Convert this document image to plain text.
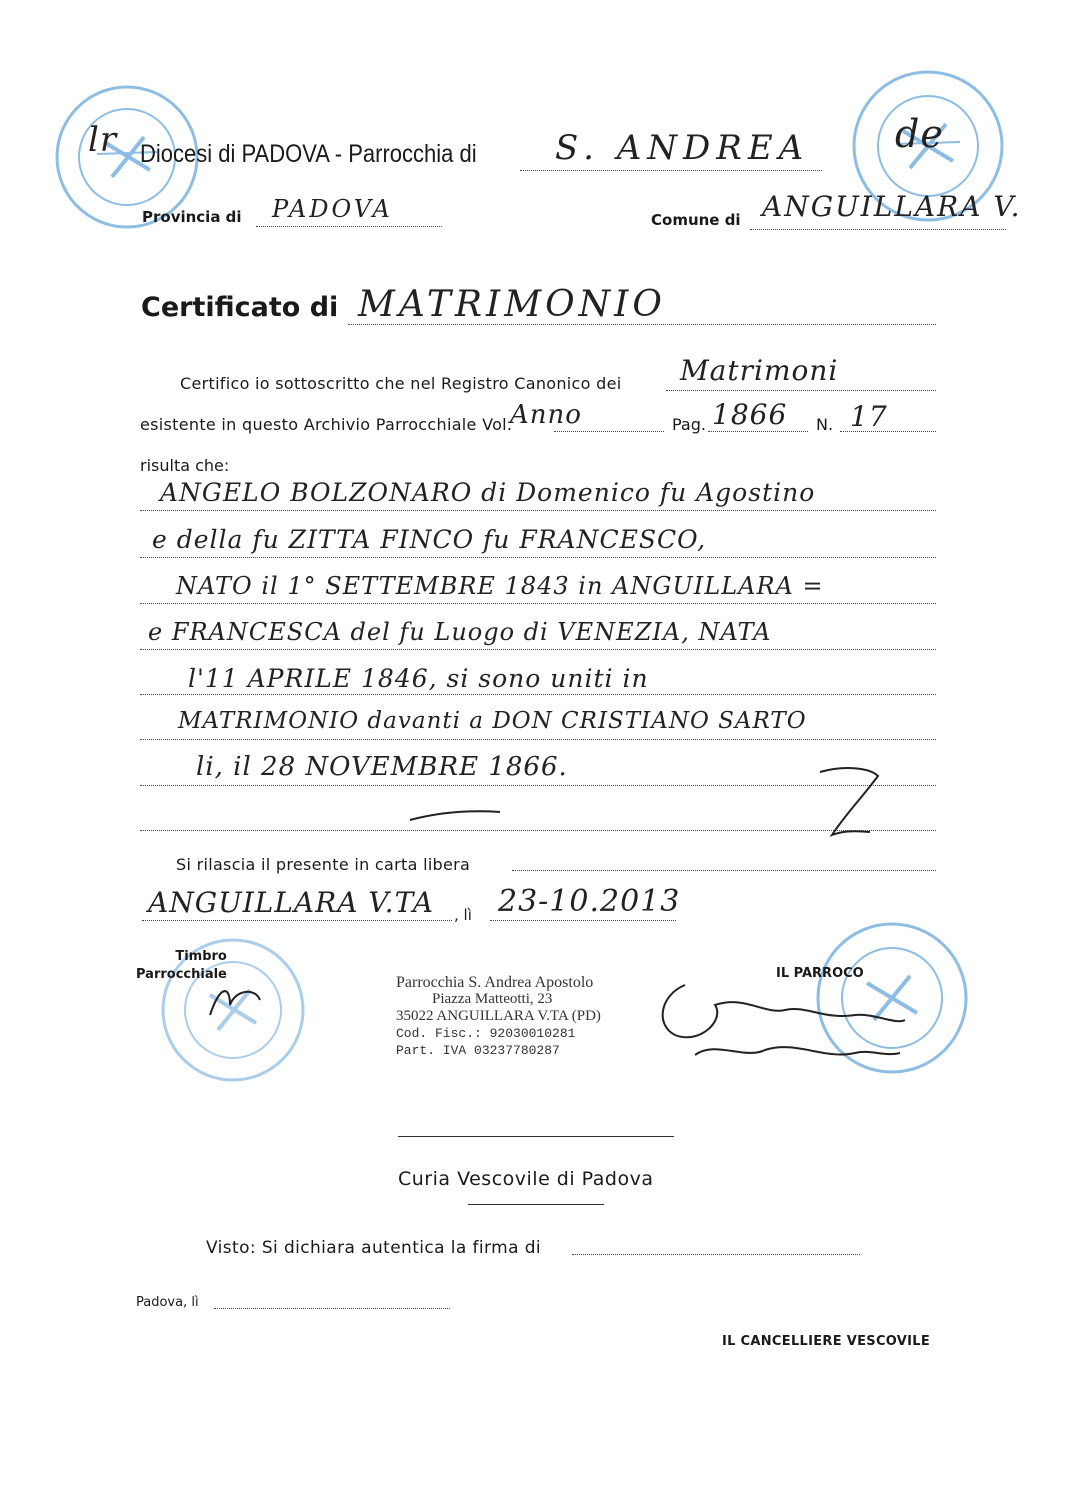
lr	de
Diocesi di PADOVA - Parrocchia di S. ANDREA
Provincia di PADOVA	Comune di ANGUILLARA V.
Certificato di MATRIMONIO
Certifico io sottoscritto che nel Registro Canonico dei Matrimoni
esistente in questo Archivio Parrocchiale Vol.
Anno	Pag. 1866 N. 17
risulta che:
ANGELO BOLZONARO di Domenico fu Agostino
e della fu ZITTA FINCO fu FRANCESCO,
NATO il 1° SETTEMBRE 1843 in ANGUILLARA =
e FRANCESCA del fu Luogo di VENEZIA, NATA
l'11 APRILE 1846, si sono uniti in
MATRIMONIO davanti a DON CRISTIANO SARTO
li, il 28 NOVEMBRE 1866.
Si rilascia il presente in carta libera
ANGUILLARA V.TA , lì 23-10.2013
Timbro
Parrocchiale	IL PARROCO
Parrocchia S. Andrea Apostolo
Piazza Matteotti, 23
35022 ANGUILLARA V.TA (PD)
Cod. Fisc.: 92030010281
Part. IVA 03237780287
Curia Vescovile di Padova
Visto: Si dichiara autentica la firma di
Padova, lì
IL CANCELLIERE VESCOVILE
